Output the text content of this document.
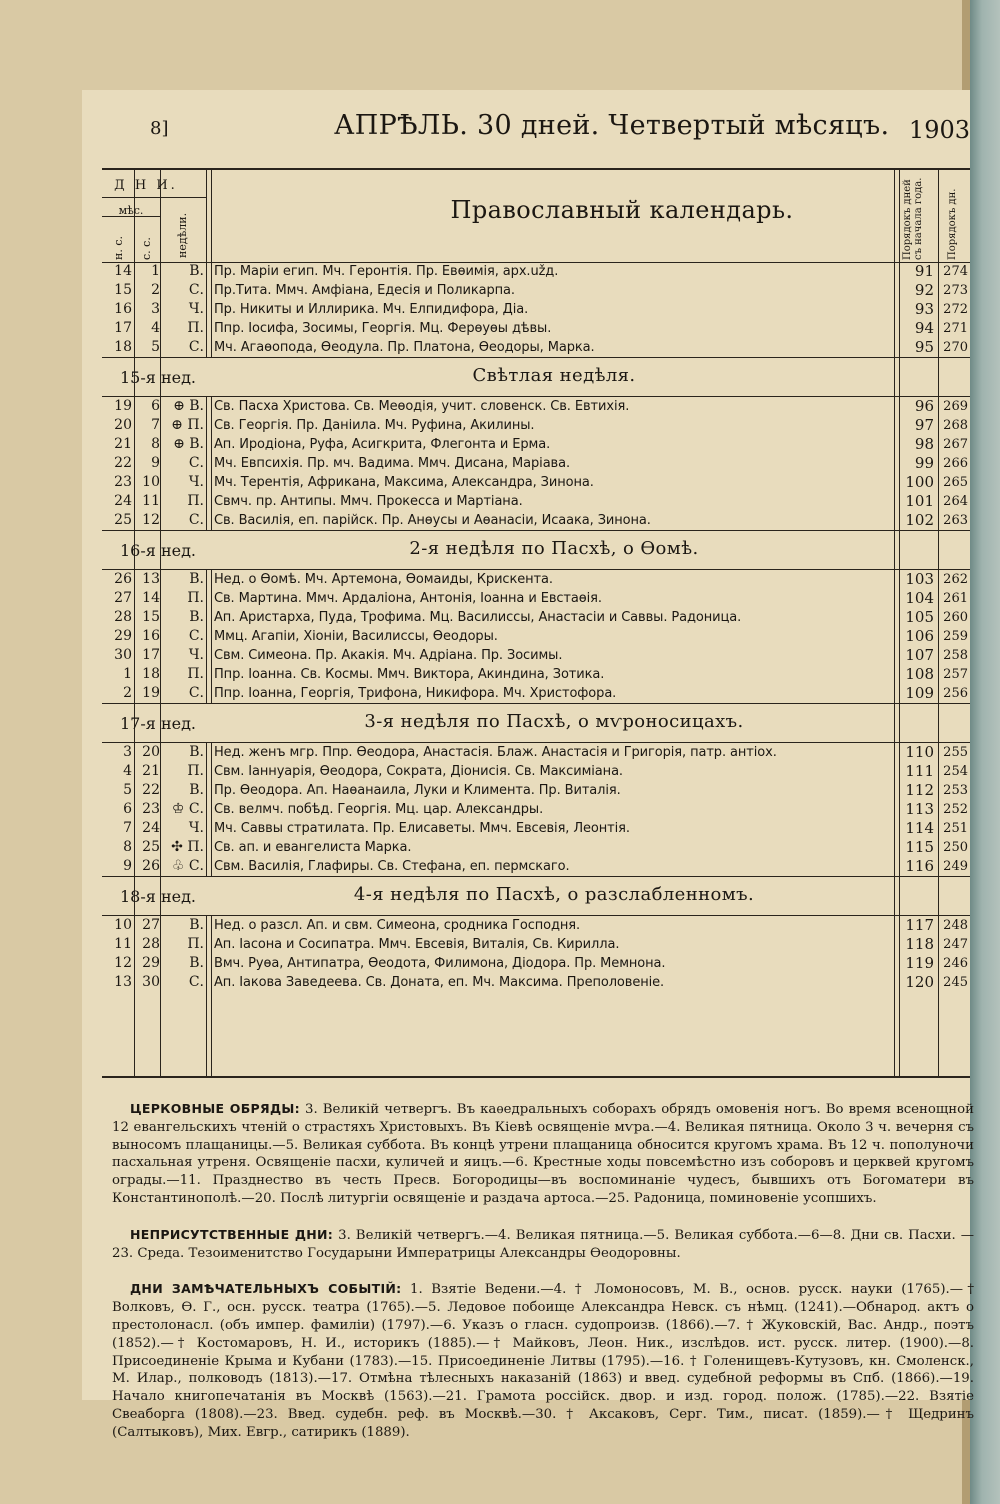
8]	АПРѢЛЬ. 30 дней. Четвертый мѣсяцъ. 1903
Д Н И.
мѣс.
н. с. с. с. недѣли.
Православный календарь.	Порядокъ дней съ начала года. Порядокъ дн.
14	1	В. Пр. Маріи егип. Мч. Геронтія. Пр. Евѳимія, арх.užд.	91 274
15	2	С. Пр.Тита. Ммч. Амфіана, Едесія и Поликарпа.	92 273
16	3	Ч. Пр. Никиты и Иллирика. Мч. Елпидифора, Діа.	93 272
17	4	П. Ппр. Іосифа, Зосимы, Георгія. Мц. Ферѳуѳы дѣвы.	94 271
18	5	С. Мч. Агаѳопода, Ѳеодула. Пр. Платона, Ѳеодоры, Марка.	95 270
15-я нед.	Свѣтлая недѣля.
19	6 ⊕ В. Св. Пасха Христова. Св. Меѳодія, учит. словенск. Св. Евтихія.	96 269
20	7 ⊕ П. Св. Георгія. Пр. Даніила. Мч. Руфина, Акилины.	97 268
21	8 ⊕ В. Ап. Иродіона, Руфа, Асигкрита, Флегонта и Ерма.	98 267
22	9	С. Мч. Евпсихія. Пр. мч. Вадима. Ммч. Дисана, Маріава.	99 266
23 10	Ч. Мч. Терентія, Африкана, Максима, Александра, Зинона.	100 265
24 11	П. Свмч. пр. Антипы. Ммч. Прокесса и Мартіана.	101 264
25 12	С. Св. Василія, еп. парійск. Пр. Анѳусы и Аѳанасіи, Исаака, Зинона.	102 263
16-я нед.	2-я недѣля по Пасхѣ, о Ѳомѣ.
26 13	В. Нед. о Ѳомѣ. Мч. Артемона, Ѳомаиды, Крискента.	103 262
27 14	П. Св. Мартина. Ммч. Ардаліона, Антонія, Іоанна и Евстаѳія.	104 261
28 15	В. Ап. Аристарха, Пуда, Трофима. Мц. Василиссы, Анастасіи и Саввы. Радоница.	105 260
29 16	С. Ммц. Агапіи, Хіоніи, Василиссы, Ѳеодоры.	106 259
30 17	Ч. Свм. Симеона. Пр. Акакія. Мч. Адріана. Пр. Зосимы.	107 258
1 18	П. Ппр. Іоанна. Св. Космы. Ммч. Виктора, Акиндина, Зотика.	108 257
2 19	С. Ппр. Іоанна, Георгія, Трифона, Никифора. Мч. Христофора.	109 256
17-я нед.	3-я недѣля по Пасхѣ, о мѵроносицахъ.
3 20	В. Нед. женъ мгр. Ппр. Ѳеодора, Анастасія. Блаж. Анастасія и Григорія, патр. антіох.	110 255
4 21	П. Свм. Іаннуарія, Ѳеодора, Сократа, Діонисія. Св. Максиміана.	111 254
5 22	В. Пр. Ѳеодора. Ап. Наѳанаила, Луки и Климента. Пр. Виталія.	112 253
6 23 ♔ С. Св. велмч. побѣд. Георгія. Мц. цар. Александры.	113 252
7 24	Ч. Мч. Саввы стратилата. Пр. Елисаветы. Ммч. Евсевія, Леонтія.	114 251
8 25 ✣ П. Св. ап. и евангелиста Марка.	115 250
9 26 ♧ С. Свм. Василія, Глафиры. Св. Стефана, еп. пермскаго.	116 249
18-я нед.	4-я недѣля по Пасхѣ, о разслабленномъ.
10 27	В. Нед. о разсл. Ап. и свм. Симеона, сродника Господня.	117 248
11 28	П. Ап. Іасона и Сосипатра. Ммч. Евсевія, Виталія, Св. Кирилла.	118 247
12 29	В. Вмч. Руѳа, Антипатра, Ѳеодота, Филимона, Діодора. Пр. Мемнона.	119 246
13 30	С. Ап. Іакова Заведеева. Св. Доната, еп. Мч. Максима. Преполовеніе.	120 245

ЦЕРКОВНЫЕ ОБРЯДЫ: 3. Великій четвергъ. Въ каѳедральныхъ соборахъ обрядъ омовенія ногъ. Во время всенощной 12 евангельскихъ чтеній о страстяхъ Христовыхъ. Въ Кіевѣ освященіе мѵра.—4. Великая пятница. Около 3 ч. вечерня съ выносомъ плащаницы.—5. Великая суббота. Въ концѣ утрени плащаница обносится кругомъ храма. Въ 12 ч. пополуночи пасхальная утреня. Освященіе пасхи, куличей и яицъ.—6. Крестные ходы повсемѣстно изъ соборовъ и церквей кругомъ ограды.—11. Празднество въ честь Пресв. Богородицы—въ воспоминаніе чудесъ, бывшихъ отъ Богоматери въ Константинополѣ.—20. Послѣ литургіи освященіе и раздача артоса.—25. Радоница, поминовеніе усопшихъ.

НЕПРИСУТСТВЕННЫЕ ДНИ: 3. Великій четвергъ.—4. Великая пятница.—5. Великая суббота.—6—8. Дни св. Пасхи. — 23. Среда. Тезоименитство Государыни Императрицы Александры Ѳеодоровны.

ДНИ ЗАМѢЧАТЕЛЬНЫХЪ СОБЫТІЙ: 1. Взятіе Ведени.—4. † Ломоносовъ, М. В., основ. русск. науки (1765).—† Волковъ, Ѳ. Г., осн. русск. театра (1765).—5. Ледовое побоище Александра Невск. съ нѣмц. (1241).—Обнарод. актъ о престолонасл. (объ импер. фамиліи) (1797).—6. Указъ о гласн. судопроизв. (1866).—7. † Жуковскій, Вас. Андр., поэтъ (1852).—† Костомаровъ, Н. И., историкъ (1885).—† Майковъ, Леон. Ник., изслѣдов. ист. русск. литер. (1900).—8. Присоединеніе Крыма и Кубани (1783).—15. Присоединеніе Литвы (1795).—16. † Голенищевъ-Кутузовъ, кн. Смоленск., М. Илар., полководъ (1813).—17. Отмѣна тѣлесныхъ наказаній (1863) и введ. судебной реформы въ Спб. (1866).—19. Начало книгопечатанія въ Москвѣ (1563).—21. Грамота россійск. двор. и изд. город. полож. (1785).—22. Взятіе Свеаборга (1808).—23. Введ. судебн. реф. въ Москвѣ.—30. † Аксаковъ, Серг. Тим., писат. (1859).—† Щедринъ (Салтыковъ), Мих. Евгр., сатирикъ (1889).
